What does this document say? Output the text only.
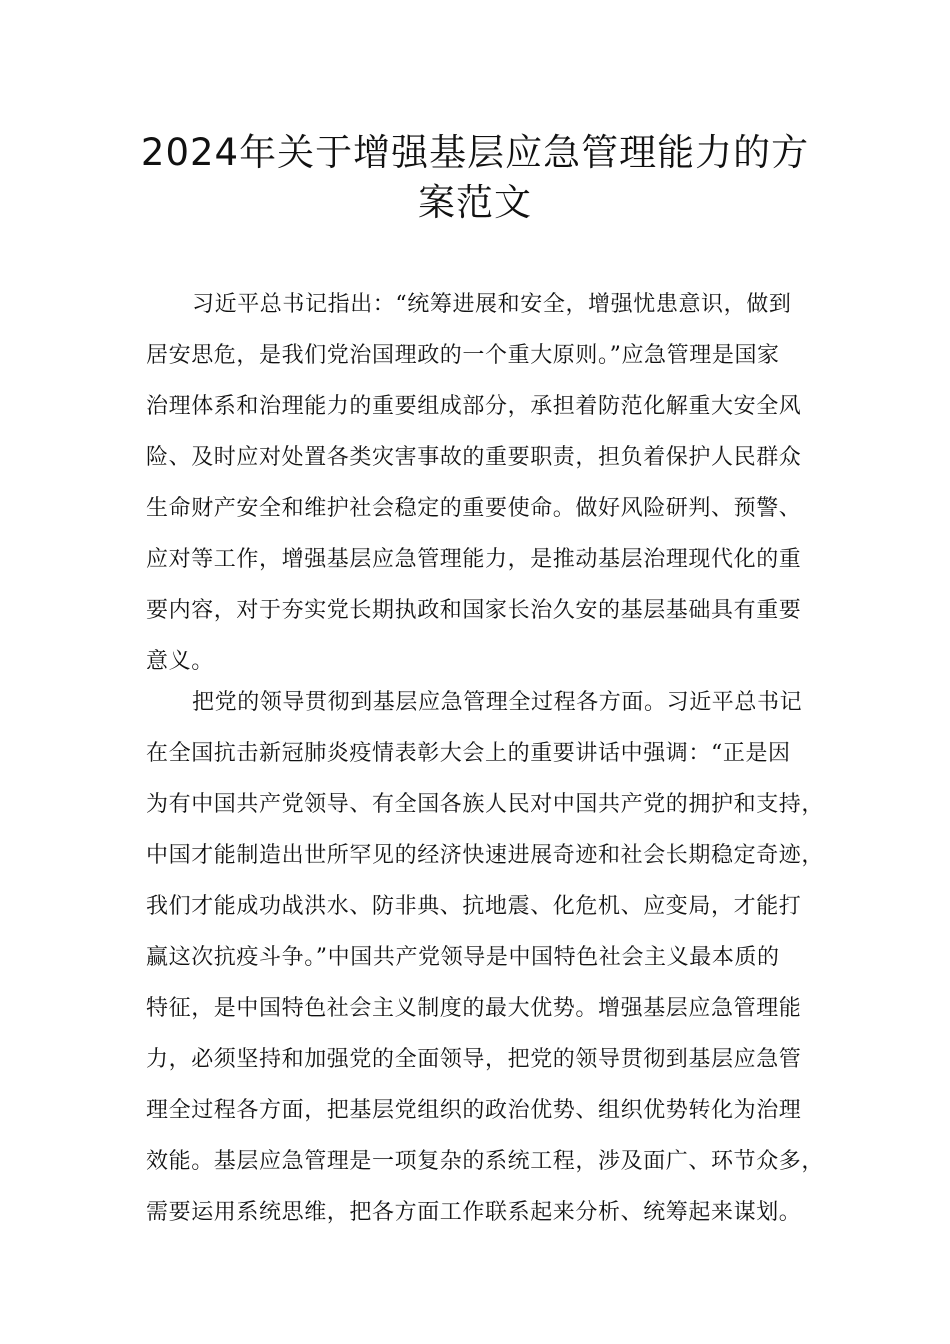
2024年关于增强基层应急管理能力的方
案范文
习近平总书记指出：“统筹进展和安全，增强忧患意识，做到
居安思危，是我们党治国理政的一个重大原则。”应急管理是国家
治理体系和治理能力的重要组成部分，承担着防范化解重大安全风
险、及时应对处置各类灾害事故的重要职责，担负着保护人民群众
生命财产安全和维护社会稳定的重要使命。做好风险研判、预警、
应对等工作，增强基层应急管理能力，是推动基层治理现代化的重
要内容，对于夯实党长期执政和国家长治久安的基层基础具有重要
意义。
把党的领导贯彻到基层应急管理全过程各方面。习近平总书记
在全国抗击新冠肺炎疫情表彰大会上的重要讲话中强调：“正是因
为有中国共产党领导、有全国各族人民对中国共产党的拥护和支持，
中国才能制造出世所罕见的经济快速进展奇迹和社会长期稳定奇迹，
我们才能成功战洪水、防非典、抗地震、化危机、应变局，才能打
赢这次抗疫斗争。”中国共产党领导是中国特色社会主义最本质的
特征，是中国特色社会主义制度的最大优势。增强基层应急管理能
力，必须坚持和加强党的全面领导，把党的领导贯彻到基层应急管
理全过程各方面，把基层党组织的政治优势、组织优势转化为治理
效能。基层应急管理是一项复杂的系统工程，涉及面广、环节众多，
需要运用系统思维，把各方面工作联系起来分析、统筹起来谋划。
